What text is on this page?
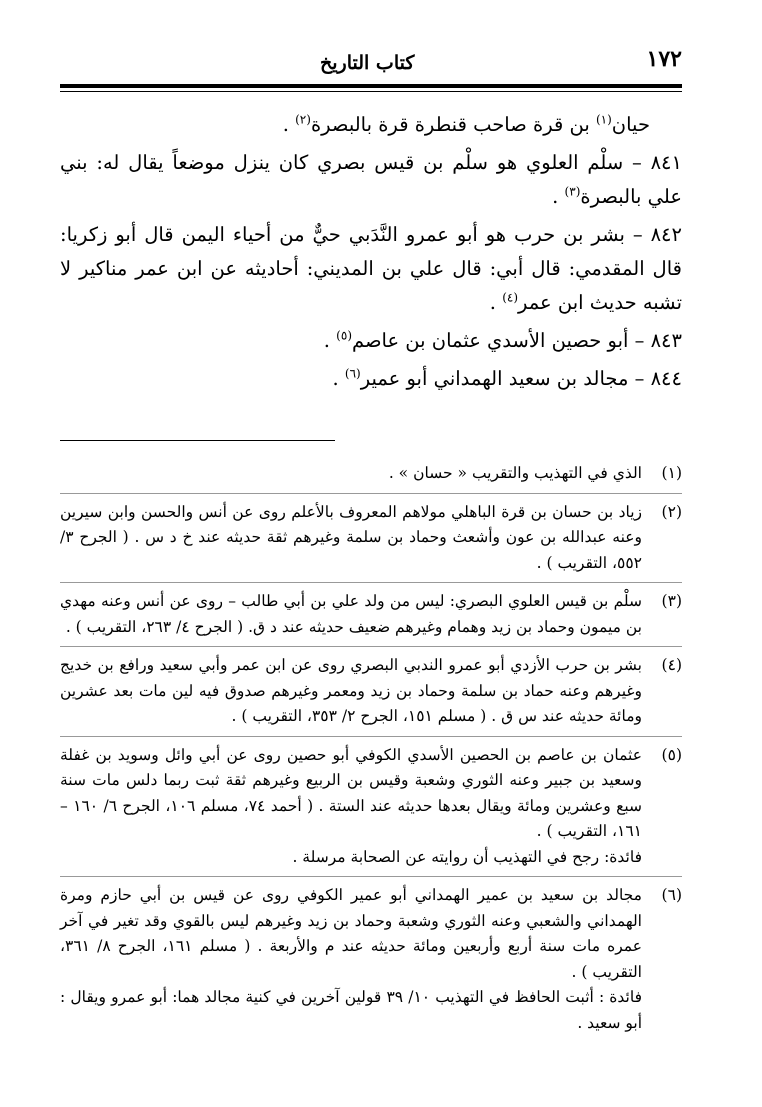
١٧٢
كتاب التاريخ

حيان$^{(١)}$ بن قرة صاحب قنطرة قرة بالبصرة$^{(٢)}$ .

٨٤١ – سلْم العلوي هو سلْم بن قيس بصري كان ينزل موضعاً يقال له: بني علي بالبصرة$^{(٣)}$ .

٨٤٢ – بشر بن حرب هو أبو عمرو النَّدَبي حيٌّ من أحياء اليمن قال أبو زكريا: قال المقدمي: قال أبي: قال علي بن المديني: أحاديثه عن ابن عمر مناكير لا تشبه حديث ابن عمر$^{(٤)}$ .

٨٤٣ – أبو حصين الأسدي عثمان بن عاصم$^{(٥)}$ .

٨٤٤ – مجالد بن سعيد الهمداني أبو عمير$^{(٦)}$ .

(١)
الذي في التهذيب والتقريب « حسان » .
(٢)
زياد بن حسان بن قرة الباهلي مولاهم المعروف بالأعلم روى عن أنس والحسن وابن سيرين وعنه عبدالله بن عون وأشعث وحماد بن سلمة وغيرهم ثقة حديثه عند خ د س . ( الجرح ٣/ ٥٥٢، التقريب ) .
(٣)
سلْم بن قيس العلوي البصري: ليس من ولد علي بن أبي طالب – روى عن أنس وعنه مهدي بن ميمون وحماد بن زيد وهمام وغيرهم ضعيف حديثه عند د ق. ( الجرح ٤/ ٢٦٣، التقريب ) .
(٤)
بشر بن حرب الأزدي أبو عمرو الندبي البصري روى عن ابن عمر وأبي سعيد ورافع بن خديج وغيرهم وعنه حماد بن سلمة وحماد بن زيد ومعمر وغيرهم صدوق فيه لين مات بعد عشرين ومائة حديثه عند س ق . ( مسلم ١٥١، الجرح ٢/ ٣٥٣، التقريب ) .
(٥)
عثمان بن عاصم بن الحصين الأسدي الكوفي أبو حصين روى عن أبي وائل وسويد بن غفلة وسعيد بن جبير وعنه الثوري وشعبة وقيس بن الربيع وغيرهم ثقة ثبت ربما دلس مات سنة سبع وعشرين ومائة ويقال بعدها حديثه عند الستة . ( أحمد ٧٤، مسلم ١٠٦، الجرح ٦/ ١٦٠ – ١٦١، التقريب ) .
فائدة: رجح في التهذيب أن روايته عن الصحابة مرسلة .
(٦)
مجالد بن سعيد بن عمير الهمداني أبو عمير الكوفي روى عن قيس بن أبي حازم ومرة الهمداني والشعبي وعنه الثوري وشعبة وحماد بن زيد وغيرهم ليس بالقوي وقد تغير في آخر عمره مات سنة أربع وأربعين ومائة حديثه عند م والأربعة . ( مسلم ١٦١، الجرح ٨/ ٣٦١، التقريب ) .
فائدة : أثبت الحافظ في التهذيب ١٠/ ٣٩ قولين آخرين في كنية مجالد هما: أبو عمرو ويقال : أبو سعيد .
